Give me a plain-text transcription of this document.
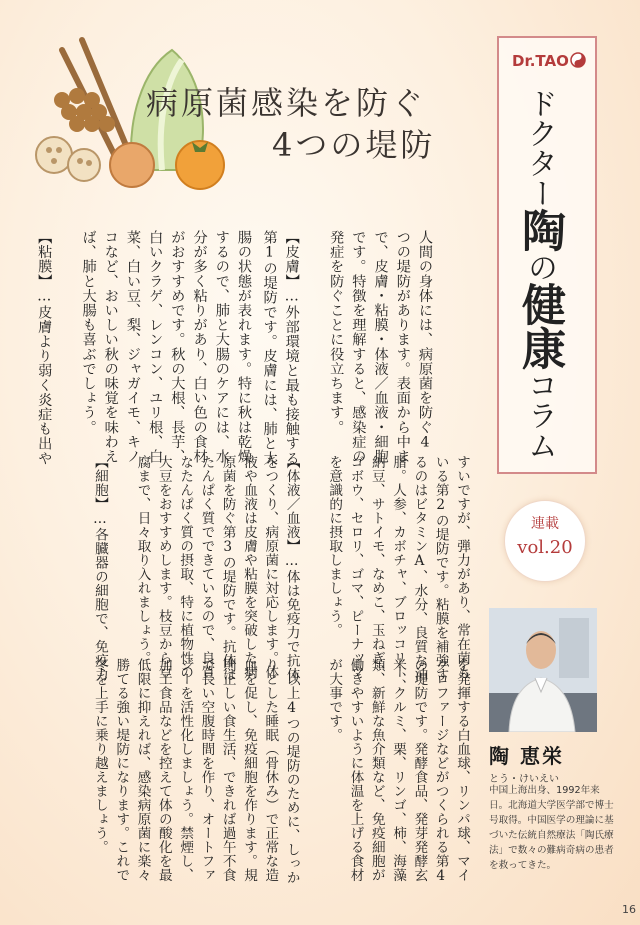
病原菌感染を防ぐ
4つの堤防
Dr.TAO
ドクター陶の健康コラム
連載
vol.20
陶 恵栄
とう・けいえい
中国上海出身、1992年来日。北海道大学医学部で博士号取得。中国医学の理論に基づいた伝統自然療法「陶氏療法」で数々の難病奇病の患者を救ってきた。
人間の身体には、病原菌を防ぐ4
つの堤防があります。表面から中ま
で、皮膚・粘膜・体液／血液・細胞
です。特徴を理解すると、感染症の
発症を防ぐことに役立ちます。

【皮膚】…外部環境と最も接触する
第1の堤防です。皮膚には、肺と大
腸の状態が表れます。特に秋は乾燥
するので、肺と大腸のケアには、水
分が多く粘りがあり、白い色の食材
がおすすめです。秋の大根、長芋、
白いクラゲ、レンコン、ユリ根、白
菜、白い豆、梨、ジャガイモ、キノ
コなど、おいしい秋の味覚を味わえ
ば、肺と大腸も喜ぶでしょう。

【粘膜】…皮膚より弱く炎症も出や
すいですが、弾力があり、常在菌も
いる第2の堤防です。粘膜を補強す
るのはビタミンA、水分、良質な油
脂。人参、カボチャ、ブロッコリー、
納豆、サトイモ、なめこ、玉ねぎ、
ゴボウ、セロリ、ゴマ、ピーナッツ
を意識的に摂取しましょう。

【体液／血液】…体は免疫力で抗体
をつくり、病原菌に対応します。体
液や血液は皮膚や粘膜を突破した病
原菌を防ぐ第3の堤防です。抗体は
たんぱく質でできているので、良質
なたんぱく質の摂取、特に植物性の
大豆をおすすめします。枝豆から豆
腐まで、日々取り入れましょう。

【細胞】…各臓器の細胞で、免疫力
を発揮する白血球、リンパ球、マイ
クロファージなどがつくられる第4
の堤防です。発酵食品、発芽発酵玄
米、クルミ、栗、リンゴ、柿、海藻
類、新鮮な魚介類など、免疫細胞が
働きやすいように体温を上げる食材
が大事です。

　以上4つの堤防のために、しっか
りとした睡眠（骨休み）で正常な造
血を促し、免疫細胞を作ります。規
則正しい食生活、できれば過午不食
で長い空腹時間を作り、オートファ
ジーを活性化しましょう。禁煙し、
加工食品などを控えて体の酸化を最
低限に抑えれば、感染病原菌に楽々
勝てる強い堤防になります。これで
冬を上手に乗り越えましょう。
16
